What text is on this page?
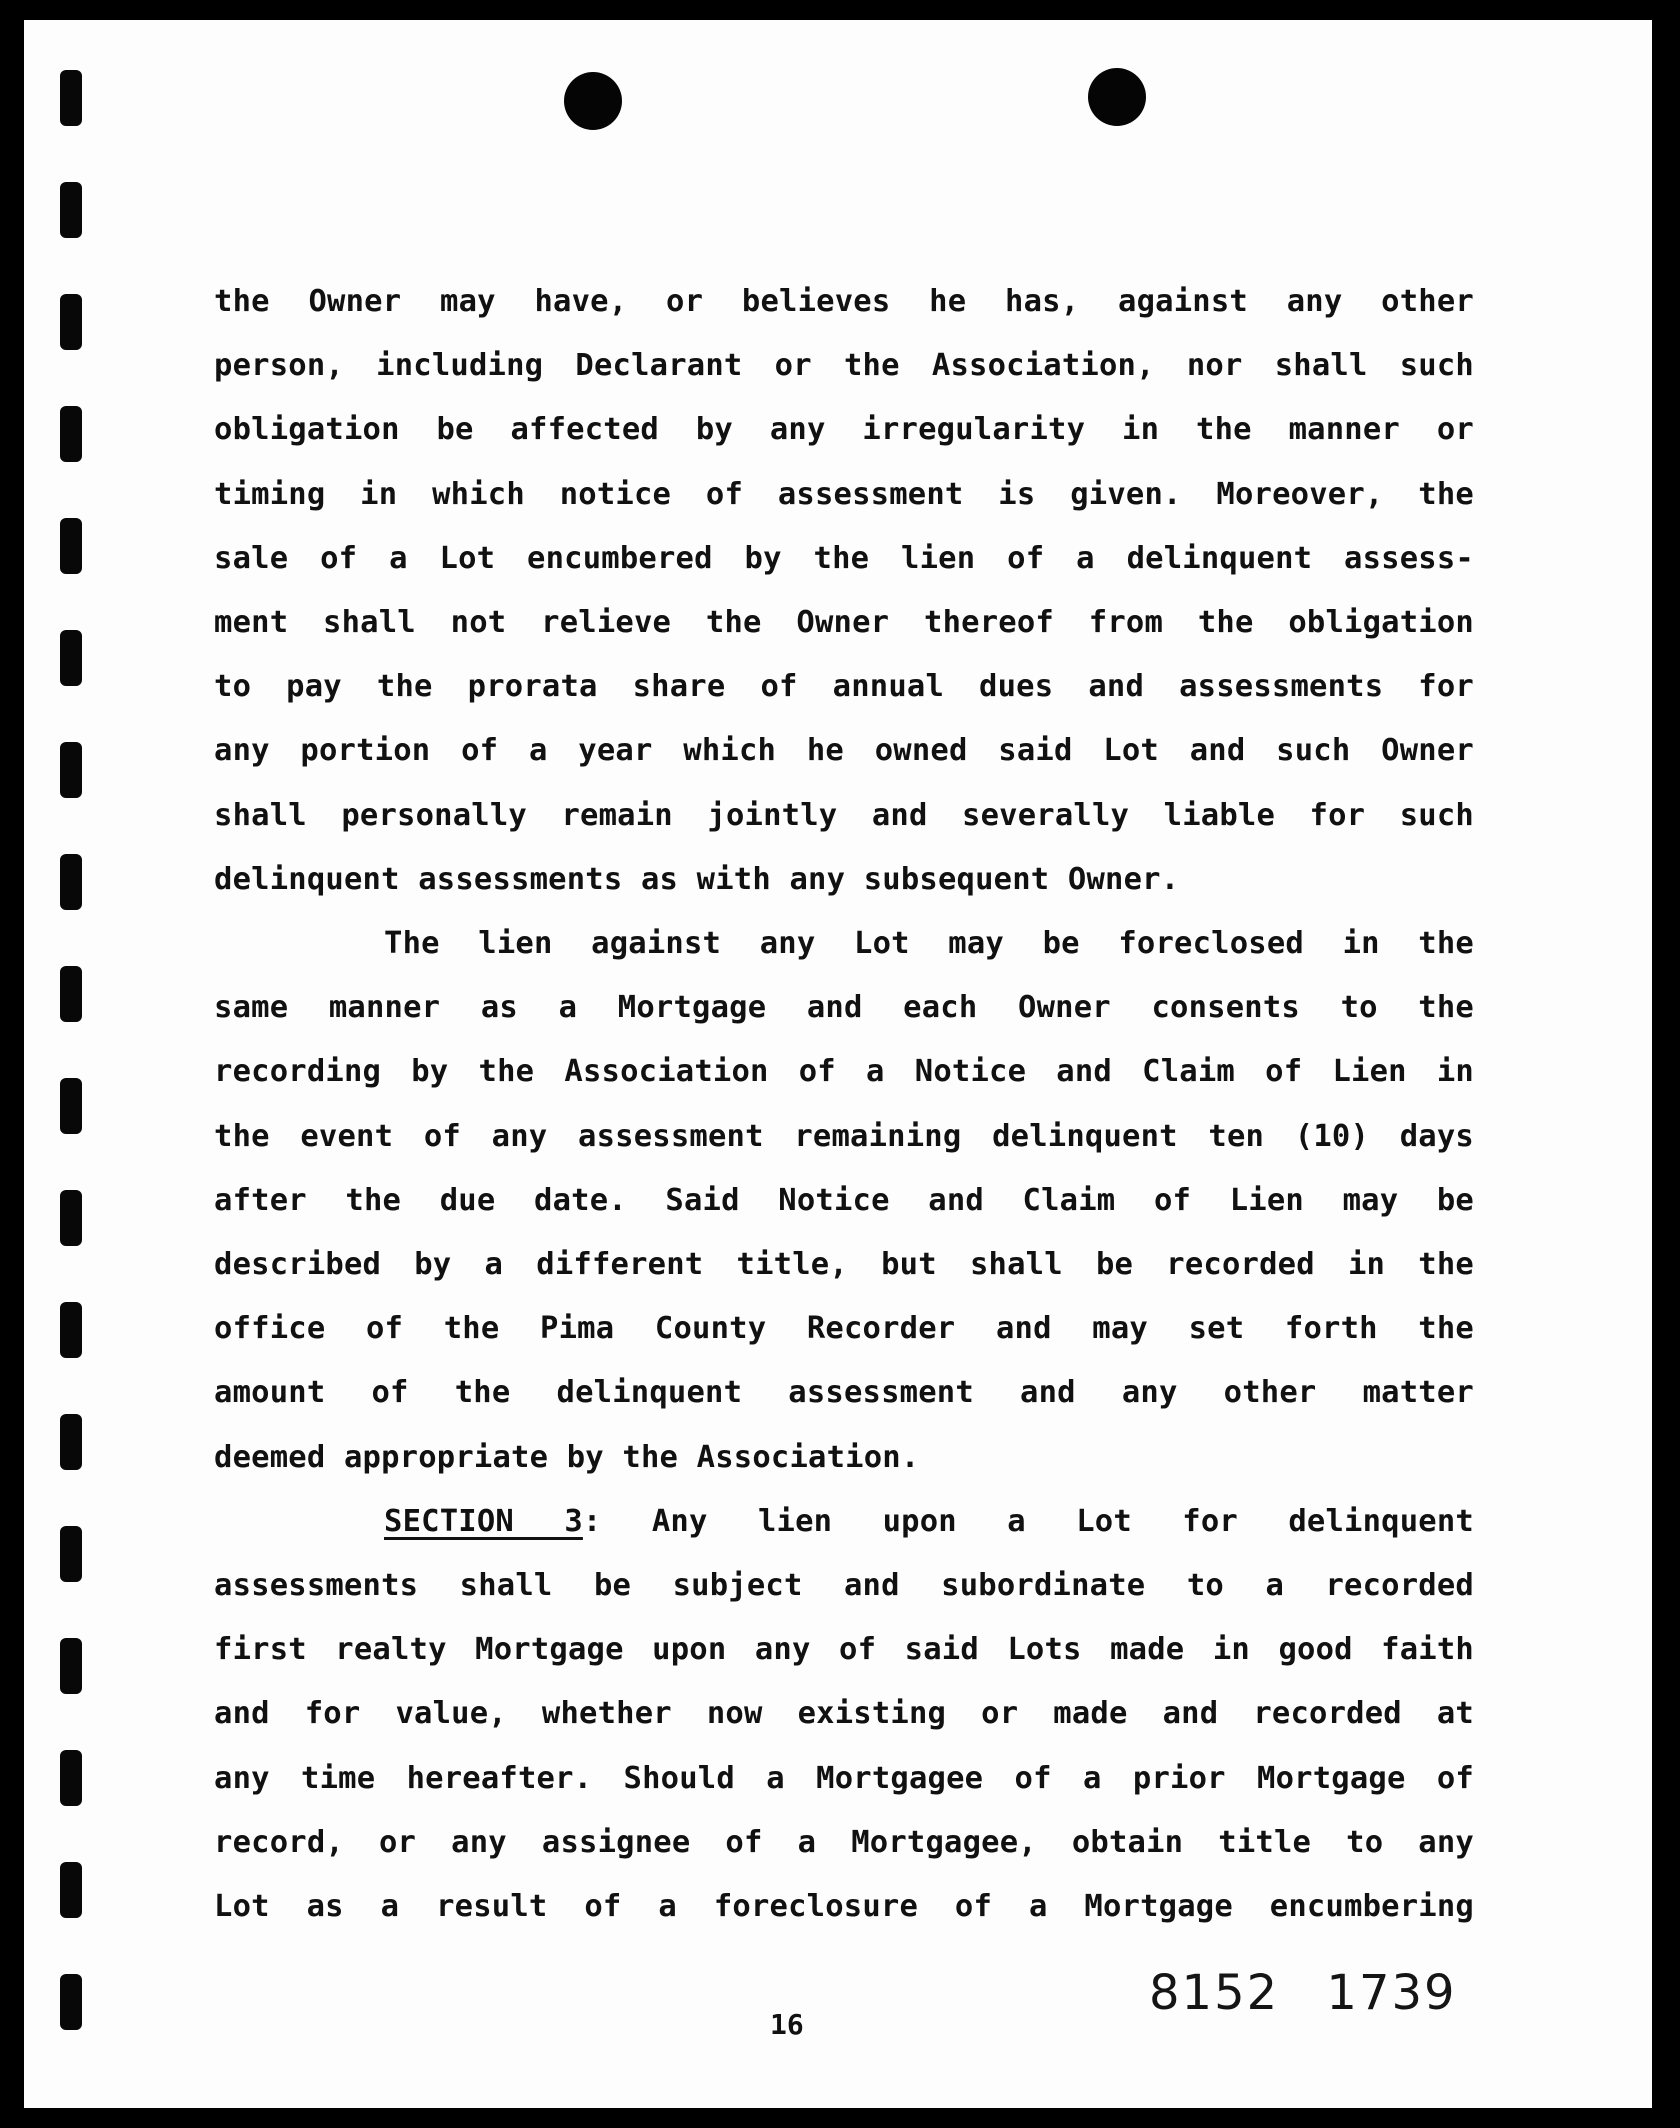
the Owner may have, or believes he has, against any other
person, including Declarant or the Association, nor shall such
obligation be affected by any irregularity in the manner or
timing in which notice of assessment is given. Moreover, the
sale of a Lot encumbered by the lien of a delinquent assess-
ment shall not relieve the Owner thereof from the obligation
to pay the prorata share of annual dues and assessments for
any portion of a year which he owned said Lot and such Owner
shall personally remain jointly and severally liable for such
delinquent assessments as with any subsequent Owner.
The lien against any Lot may be foreclosed in the
same manner as a Mortgage and each Owner consents to the
recording by the Association of a Notice and Claim of Lien in
the event of any assessment remaining delinquent ten (10) days
after the due date. Said Notice and Claim of Lien may be
described by a different title, but shall be recorded in the
office of the Pima County Recorder and may set forth the
amount of the delinquent assessment and any other matter
deemed appropriate by the Association.
SECTION 3: Any lien upon a Lot for delinquent
assessments shall be subject and subordinate to a recorded
first realty Mortgage upon any of said Lots made in good faith
and for value, whether now existing or made and recorded at
any time hereafter. Should a Mortgagee of a prior Mortgage of
record, or any assignee of a Mortgagee, obtain title to any
Lot as a result of a foreclosure of a Mortgage encumbering
8152 1739
16
